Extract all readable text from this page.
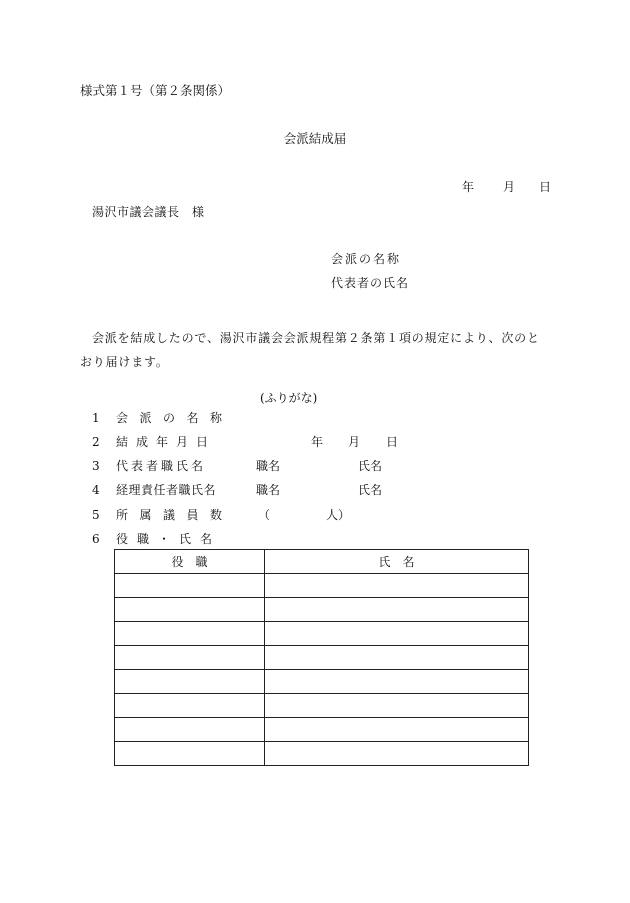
様式第１号（第２条関係）
会派結成届
年 月 日
湯沢市議会議長　様
会派の名称
代表者の氏名
会派を結成したので、湯沢市議会会派規程第２条第１項の規定により、次のとおり届けます。
(ふりがな)
1 会派の名称
2 結成年月日	年 月 日
3 代表者職氏名	職名	氏名
4 経理責任者職氏名	職名	氏名
5 所属議員数 （	人）
6 役職・氏名
役職	氏名
